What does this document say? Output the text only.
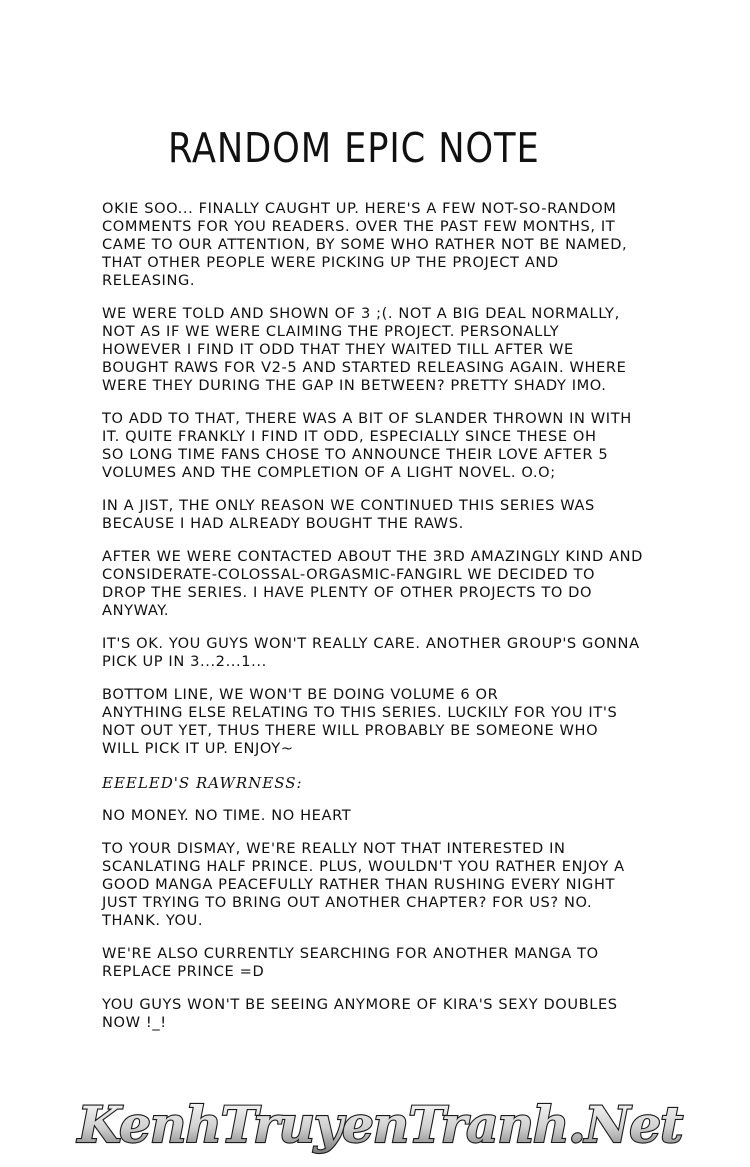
RANDOM EPIC NOTE

OKIE SOO... FINALLY CAUGHT UP. HERE'S A FEW NOT-SO-RANDOM
COMMENTS FOR YOU READERS. OVER THE PAST FEW MONTHS, IT
CAME TO OUR ATTENTION, BY SOME WHO RATHER NOT BE NAMED,
THAT OTHER PEOPLE WERE PICKING UP THE PROJECT AND
RELEASING.

WE WERE TOLD AND SHOWN OF 3 ;(. NOT A BIG DEAL NORMALLY,
NOT AS IF WE WERE CLAIMING THE PROJECT. PERSONALLY
HOWEVER I FIND IT ODD THAT THEY WAITED TILL AFTER WE
BOUGHT RAWS FOR V2-5 AND STARTED RELEASING AGAIN. WHERE
WERE THEY DURING THE GAP IN BETWEEN? PRETTY SHADY IMO.

TO ADD TO THAT, THERE WAS A BIT OF SLANDER THROWN IN WITH
IT. QUITE FRANKLY I FIND IT ODD, ESPECIALLY SINCE THESE OH
SO LONG TIME FANS CHOSE TO ANNOUNCE THEIR LOVE AFTER 5
VOLUMES AND THE COMPLETION OF A LIGHT NOVEL. O.O;

IN A JIST, THE ONLY REASON WE CONTINUED THIS SERIES WAS
BECAUSE I HAD ALREADY BOUGHT THE RAWS.

AFTER WE WERE CONTACTED ABOUT THE 3RD AMAZINGLY KIND AND
CONSIDERATE-COLOSSAL-ORGASMIC-FANGIRL WE DECIDED TO
DROP THE SERIES. I HAVE PLENTY OF OTHER PROJECTS TO DO
ANYWAY.

IT'S OK. YOU GUYS WON'T REALLY CARE. ANOTHER GROUP'S GONNA
PICK UP IN 3...2...1...

BOTTOM LINE, WE WON'T BE DOING VOLUME 6 OR
ANYTHING ELSE RELATING TO THIS SERIES. LUCKILY FOR YOU IT'S
NOT OUT YET, THUS THERE WILL PROBABLY BE SOMEONE WHO
WILL PICK IT UP. ENJOY~

EEELED'S RAWRNESS:

NO MONEY. NO TIME. NO HEART

TO YOUR DISMAY, WE'RE REALLY NOT THAT INTERESTED IN
SCANLATING HALF PRINCE. PLUS, WOULDN'T YOU RATHER ENJOY A
GOOD MANGA PEACEFULLY RATHER THAN RUSHING EVERY NIGHT
JUST TRYING TO BRING OUT ANOTHER CHAPTER? FOR US? NO.
THANK. YOU.

WE'RE ALSO CURRENTLY SEARCHING FOR ANOTHER MANGA TO
REPLACE PRINCE =D

YOU GUYS WON'T BE SEEING ANYMORE OF KIRA'S SEXY DOUBLES
NOW !_!

KenhTruyenTranh.Net
